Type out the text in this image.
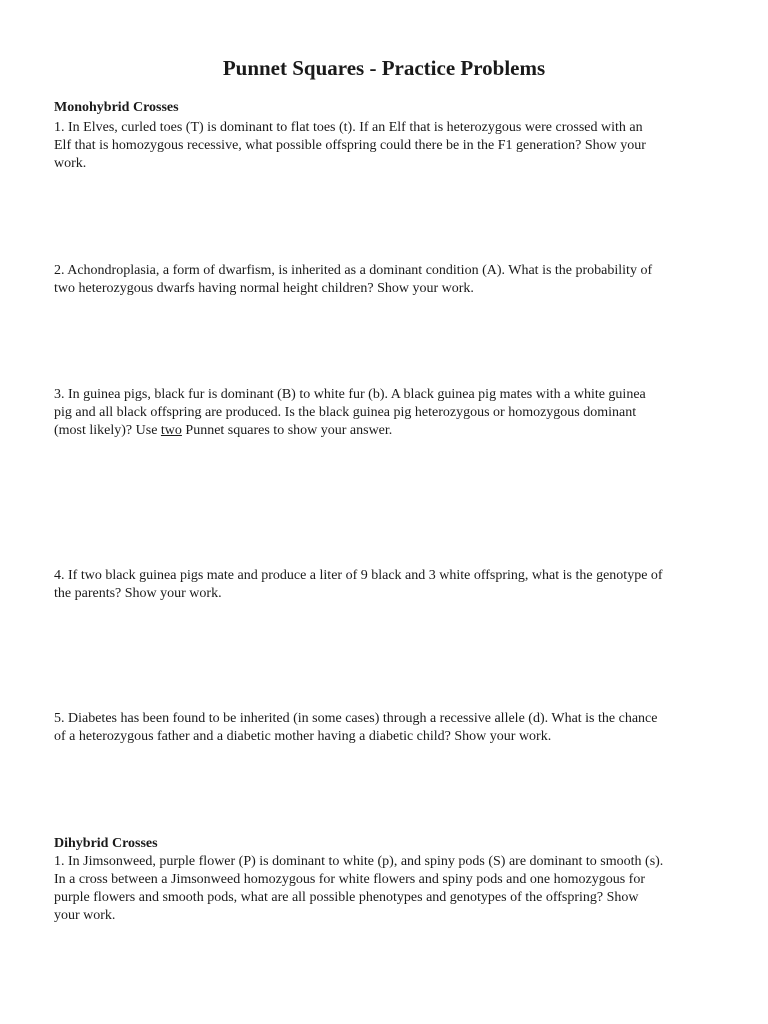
Punnet Squares - Practice Problems
Monohybrid Crosses
1. In Elves, curled toes (T) is dominant to flat toes (t). If an Elf that is heterozygous were crossed with an
Elf that is homozygous recessive, what possible offspring could there be in the F1 generation? Show your
work.
2. Achondroplasia, a form of dwarfism, is inherited as a dominant condition (A). What is the probability of
two heterozygous dwarfs having normal height children? Show your work.
3. In guinea pigs, black fur is dominant (B) to white fur (b). A black guinea pig mates with a white guinea
pig and all black offspring are produced. Is the black guinea pig heterozygous or homozygous dominant
(most likely)? Use two Punnet squares to show your answer.
4. If two black guinea pigs mate and produce a liter of 9 black and 3 white offspring, what is the genotype of
the parents? Show your work.
5. Diabetes has been found to be inherited (in some cases) through a recessive allele (d). What is the chance
of a heterozygous father and a diabetic mother having a diabetic child? Show your work.
Dihybrid Crosses
1. In Jimsonweed, purple flower (P) is dominant to white (p), and spiny pods (S) are dominant to smooth (s).
In a cross between a Jimsonweed homozygous for white flowers and spiny pods and one homozygous for
purple flowers and smooth pods, what are all possible phenotypes and genotypes of the offspring? Show
your work.
